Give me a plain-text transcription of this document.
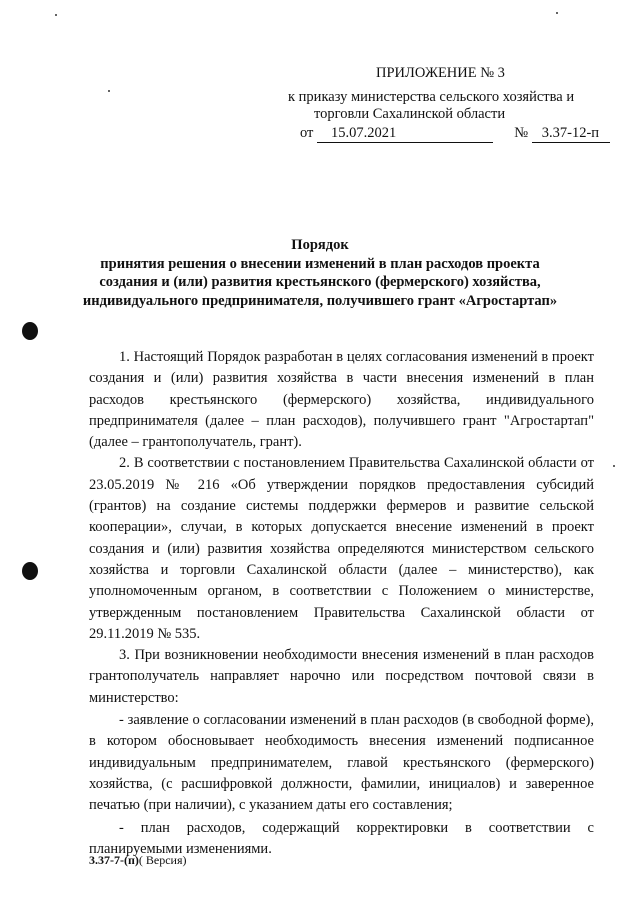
ПРИЛОЖЕНИЕ № 3
к приказу министерства сельского хозяйства и
торговли Сахалинской области
от 15.07.2021	№ 3.37-12-п
Порядок
принятия решения о внесении изменений в план расходов проекта
создания и (или) развития крестьянского (фермерского) хозяйства,
индивидуального предпринимателя, получившего грант «Агростартап»

1. Настоящий Порядок разработан в целях согласования изменений в проект создания и (или) развития хозяйства в части внесения изменений в план расходов крестьянского (фермерского) хозяйства, индивидуального предпринимателя (далее – план расходов), получившего грант "Агростартап" (далее – грантополучатель, грант).

2. В соответствии с постановлением Правительства Сахалинской области от 23.05.2019 № 216 «Об утверждении порядков предоставления субсидий (грантов) на создание системы поддержки фермеров и развитие сельской кооперации», случаи, в которых допускается внесение изменений в проект создания и (или) развития хозяйства определяются министерством сельского хозяйства и торговли Сахалинской области (далее – министерство), как уполномоченным органом, в соответствии с Положением о министерстве, утвержденным постановлением Правительства Сахалинской области от 29.11.2019 № 535.

3. При возникновении необходимости внесения изменений в план расходов грантополучатель направляет нарочно или посредством почтовой связи в министерство:

- заявление о согласовании изменений в план расходов (в свободной форме), в котором обосновывает необходимость внесения изменений подписанное индивидуальным предпринимателем, главой крестьянского (фермерского) хозяйства, (с расшифровкой должности, фамилии, инициалов) и заверенное печатью (при наличии), с указанием даты его составления;

- план расходов, содержащий корректировки в соответствии с планируемыми изменениями.

3.37-7-(п)( Версия)
